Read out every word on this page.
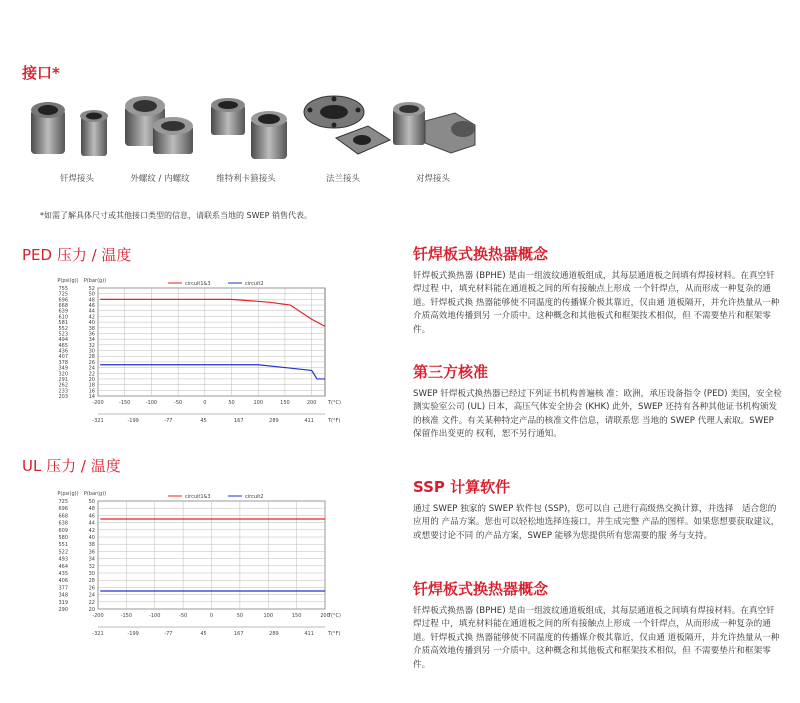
接口*
钎焊接头	外螺纹 / 内螺纹	维特利卡箍接头	法兰接头	对焊接头
*如需了解具体尺寸或其他接口类型的信息，请联系当地的 SWEP 销售代表。
PED 压力 / 温度
52
755
50
725
48
696
46
668
44
639
42
610
40
581
38
552
36
523
34
494
32
465
30
436
28
407
26
378
24
349
22
320
20
291
18
262
16
233
14
203
-200	-150	-100	-50	0	50	100	150	200
-321	-199	-77	45	167	289	411
T(°C)
T(°F)
P(psi(g)) P(bar(g))	circuit1&3	circuit2
UL 压力 / 温度
50
725
48
696
46
668
44
638
42
609
40
580
38
551
36
522
34
493
32
464
30
435
28
406
26
377
24
348
22
319
20
290
-200	-150	-100	-50	0	50	100	150	200
-321	-199	-77	45	167	289	411
T(°C)
T(°F)
P(psi(g)) P(bar(g))	circuit1&3	circuit2
钎焊板式换热器概念
钎焊板式换热器 (BPHE) 是由一组波纹通道板组成，其每层通道板之间填有焊接材料。在真空钎焊过程 中，填充材料能在通道板之间的所有接触点上形成 一个钎焊点，从而形成一种复杂的通道。钎焊板式换 热器能够使不同温度的传播媒介极其靠近，仅由通 道板隔开，并允许热量从一种介质高效地传播到另 一介质中。这种概念和其他板式和框架技术相似，但 不需要垫片和框架零件。
第三方核准
SWEP 钎焊板式换热器已经过下列证书机构普遍核 准：欧洲，承压设备指令 (PED) 美国，安全检测实验室公司 (UL) 日本，高压气体安全协会 (KHK) 此外，SWEP 还持有各种其他证书机构颁发的核准 文件。有关某种特定产品的核准文件信息，请联系您 当地的 SWEP 代理人索取。SWEP 保留作出变更的 权利，恕不另行通知。
SSP 计算软件
通过 SWEP 独家的 SWEP 软件包 (SSP)，您可以自 己进行高级热交换计算，并选择　适合您的应用的 产品方案。您也可以轻松地选择连接口，并生成完整 产品的图样。如果您想要获取建议，或想要讨论不同 的产品方案，SWEP 能够为您提供所有您需要的服 务与支持。
钎焊板式换热器概念
钎焊板式换热器 (BPHE) 是由一组波纹通道板组成，其每层通道板之间填有焊接材料。在真空钎焊过程 中，填充材料能在通道板之间的所有接触点上形成 一个钎焊点，从而形成一种复杂的通道。钎焊板式换 热器能够使不同温度的传播媒介极其靠近，仅由通 道板隔开，并允许热量从一种介质高效地传播到另 一介质中。这种概念和其他板式和框架技术相似，但 不需要垫片和框架零件。
